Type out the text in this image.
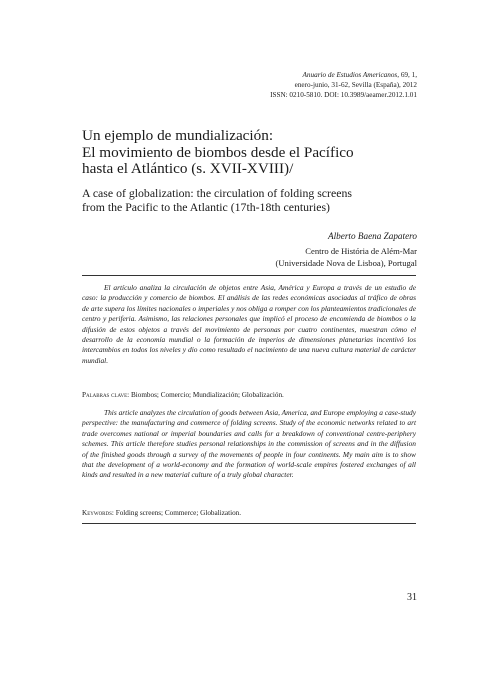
Anuario de Estudios Americanos, 69, 1,
enero-junio, 31-62, Sevilla (España), 2012
ISSN: 0210-5810. DOI: 10.3989/aeamer.2012.1.01
Un ejemplo de mundialización:
El movimiento de biombos desde el Pacífico
hasta el Atlántico (s. XVII-XVIII)/
A case of globalization: the circulation of folding screens
from the Pacific to the Atlantic (17th-18th centuries)
Alberto Baena Zapatero
Centro de História de Além-Mar
(Universidade Nova de Lisboa), Portugal

El artículo analiza la circulación de objetos entre Asia, América y Europa a través de un estudio de caso: la producción y comercio de biombos. El análisis de las redes económicas asociadas al tráfico de obras de arte supera los límites nacionales o imperiales y nos obliga a romper con los planteamientos tradicionales de centro y periferia. Asimismo, las relaciones personales que implicó el proceso de encomienda de biombos o la difusión de estos objetos a través del movimiento de personas por cuatro continentes, muestran cómo el desarrollo de la economía mundial o la formación de imperios de dimensiones planetarias incentivó los intercambios en todos los niveles y dio como resultado el nacimiento de una nueva cultura material de carácter mundial.

Palabras clave: Biombos; Comercio; Mundialización; Globalización.

This article analyzes the circulation of goods between Asia, America, and Europe employing a case-study perspective: the manufacturing and commerce of folding screens. Study of the economic networks related to art trade overcomes national or imperial boundaries and calls for a breakdown of conventional centre-periphery schemes. This article therefore studies personal relationships in the commission of screens and in the diffusion of the finished goods through a survey of the movements of people in four continents. My main aim is to show that the development of a world-economy and the formation of world-scale empires fostered exchanges of all kinds and resulted in a new material culture of a truly global character.

Keywords: Folding screens; Commerce; Globalization.
31
